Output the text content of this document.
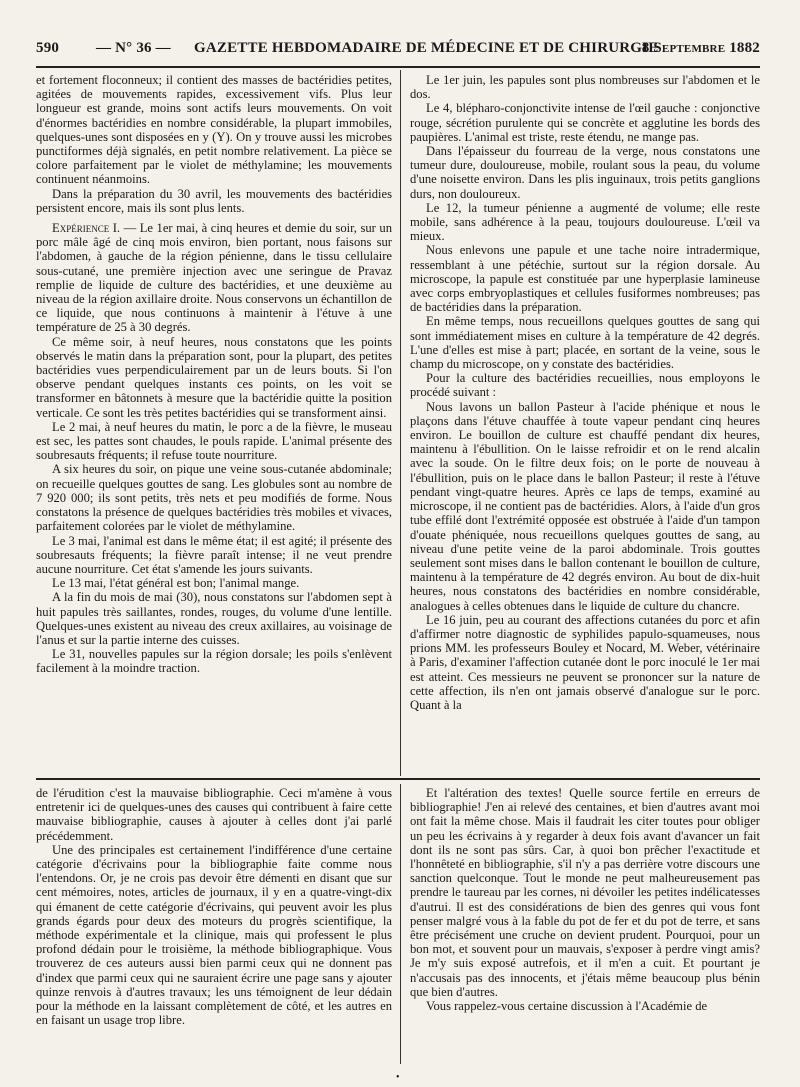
590 — N° 36 — GAZETTE HEBDOMADAIRE DE MÉDECINE ET DE CHIRURGIE
8 Septembre 1882

et fortement floconneux; il contient des masses de bactéridies petites, agitées de mouvements rapides, excessivement vifs. Plus leur longueur est grande, moins sont actifs leurs mouvements. On voit d'énormes bactéridies en nombre considérable, la plupart immobiles, quelques-unes sont disposées en y (Y). On y trouve aussi les microbes punctiformes déjà signalés, en petit nombre relativement. La pièce se colore parfaitement par le violet de méthylamine; les mouvements continuent néanmoins.

Dans la préparation du 30 avril, les mouvements des bactéridies persistent encore, mais ils sont plus lents.

Expérience I. — Le 1er mai, à cinq heures et demie du soir, sur un porc mâle âgé de cinq mois environ, bien portant, nous faisons sur l'abdomen, à gauche de la région pénienne, dans le tissu cellulaire sous-cutané, une première injection avec une seringue de Pravaz remplie de liquide de culture des bactéridies, et une deuxième au niveau de la région axillaire droite. Nous conservons un échantillon de ce liquide, que nous continuons à maintenir à l'étuve à une température de 25 à 30 degrés.

Ce même soir, à neuf heures, nous constatons que les points observés le matin dans la préparation sont, pour la plupart, des petites bactéridies vues perpendiculairement par un de leurs bouts. Si l'on observe pendant quelques instants ces points, on les voit se transformer en bâtonnets à mesure que la bactéridie quitte la position verticale. Ce sont les très petites bactéridies qui se transforment ainsi.

Le 2 mai, à neuf heures du matin, le porc a de la fièvre, le museau est sec, les pattes sont chaudes, le pouls rapide. L'animal présente des soubresauts fréquents; il refuse toute nourriture.

A six heures du soir, on pique une veine sous-cutanée abdominale; on recueille quelques gouttes de sang. Les globules sont au nombre de 7 920 000; ils sont petits, très nets et peu modifiés de forme. Nous constatons la présence de quelques bactéridies très mobiles et vivaces, parfaitement colorées par le violet de méthylamine.

Le 3 mai, l'animal est dans le même état; il est agité; il présente des soubresauts fréquents; la fièvre paraît intense; il ne veut prendre aucune nourriture. Cet état s'amende les jours suivants.

Le 13 mai, l'état général est bon; l'animal mange.

A la fin du mois de mai (30), nous constatons sur l'abdomen sept à huit papules très saillantes, rondes, rouges, du volume d'une lentille. Quelques-unes existent au niveau des creux axillaires, au voisinage de l'anus et sur la partie interne des cuisses.

Le 31, nouvelles papules sur la région dorsale; les poils s'enlèvent facilement à la moindre traction.

Le 1er juin, les papules sont plus nombreuses sur l'abdomen et le dos.

Le 4, blépharo-conjonctivite intense de l'œil gauche : conjonctive rouge, sécrétion purulente qui se concrète et agglutine les bords des paupières. L'animal est triste, reste étendu, ne mange pas.

Dans l'épaisseur du fourreau de la verge, nous constatons une tumeur dure, douloureuse, mobile, roulant sous la peau, du volume d'une noisette environ. Dans les plis inguinaux, trois petits ganglions durs, non douloureux.

Le 12, la tumeur pénienne a augmenté de volume; elle reste mobile, sans adhérence à la peau, toujours douloureuse. L'œil va mieux.

Nous enlevons une papule et une tache noire intradermique, ressemblant à une pétéchie, surtout sur la région dorsale. Au microscope, la papule est constituée par une hyperplasie lamineuse avec corps embryoplastiques et cellules fusiformes nombreuses; pas de bactéridies dans la préparation.

En même temps, nous recueillons quelques gouttes de sang qui sont immédiatement mises en culture à la température de 42 degrés. L'une d'elles est mise à part; placée, en sortant de la veine, sous le champ du microscope, on y constate des bactéridies.

Pour la culture des bactéridies recueillies, nous employons le procédé suivant :

Nous lavons un ballon Pasteur à l'acide phénique et nous le plaçons dans l'étuve chauffée à toute vapeur pendant cinq heures environ. Le bouillon de culture est chauffé pendant dix heures, maintenu à l'ébullition. On le laisse refroidir et on le rend alcalin avec la soude. On le filtre deux fois; on le porte de nouveau à l'ébullition, puis on le place dans le ballon Pasteur; il reste à l'étuve pendant vingt-quatre heures. Après ce laps de temps, examiné au microscope, il ne contient pas de bactéridies. Alors, à l'aide d'un gros tube effilé dont l'extrémité opposée est obstruée à l'aide d'un tampon d'ouate phéniquée, nous recueillons quelques gouttes de sang, au niveau d'une petite veine de la paroi abdominale. Trois gouttes seulement sont mises dans le ballon contenant le bouillon de culture, maintenu à la température de 42 degrés environ. Au bout de dix-huit heures, nous constatons des bactéridies en nombre considérable, analogues à celles obtenues dans le liquide de culture du chancre.

Le 16 juin, peu au courant des affections cutanées du porc et afin d'affirmer notre diagnostic de syphilides papulo-squameuses, nous prions MM. les professeurs Bouley et Nocard, M. Weber, vétérinaire à Paris, d'examiner l'affection cutanée dont le porc inoculé le 1er mai est atteint. Ces messieurs ne peuvent se prononcer sur la nature de cette affection, ils n'en ont jamais observé d'analogue sur le porc. Quant à la

de l'érudition c'est la mauvaise bibliographie. Ceci m'amène à vous entretenir ici de quelques-unes des causes qui contribuent à faire cette mauvaise bibliographie, causes à ajouter à celles dont j'ai parlé précédemment.

Une des principales est certainement l'indifférence d'une certaine catégorie d'écrivains pour la bibliographie faite comme nous l'entendons. Or, je ne crois pas devoir être démenti en disant que sur cent mémoires, notes, articles de journaux, il y en a quatre-vingt-dix qui émanent de cette catégorie d'écrivains, qui peuvent avoir les plus grands égards pour deux des moteurs du progrès scientifique, la méthode expérimentale et la clinique, mais qui professent le plus profond dédain pour le troisième, la méthode bibliographique. Vous trouverez de ces auteurs aussi bien parmi ceux qui ne donnent pas d'index que parmi ceux qui ne sauraient écrire une page sans y ajouter quinze renvois à d'autres travaux; les uns témoignent de leur dédain pour la méthode en la laissant complètement de côté, et les autres en en faisant un usage trop libre.

Et l'altération des textes! Quelle source fertile en erreurs de bibliographie! J'en ai relevé des centaines, et bien d'autres avant moi ont fait la même chose. Mais il faudrait les citer toutes pour obliger un peu les écrivains à y regarder à deux fois avant d'avancer un fait dont ils ne sont pas sûrs. Car, à quoi bon prêcher l'exactitude et l'honnêteté en bibliographie, s'il n'y a pas derrière votre discours une sanction quelconque. Tout le monde ne peut malheureusement pas prendre le taureau par les cornes, ni dévoiler les petites indélicatesses d'autrui. Il est des considérations de bien des genres qui vous font penser malgré vous à la fable du pot de fer et du pot de terre, et sans être précisément une cruche on devient prudent. Pourquoi, pour un bon mot, et souvent pour un mauvais, s'exposer à perdre vingt amis? Je m'y suis exposé autrefois, et il m'en a cuit. Et pourtant je n'accusais pas des innocents, et j'étais même beaucoup plus bénin que bien d'autres.

Vous rappelez-vous certaine discussion à l'Académie de

•
